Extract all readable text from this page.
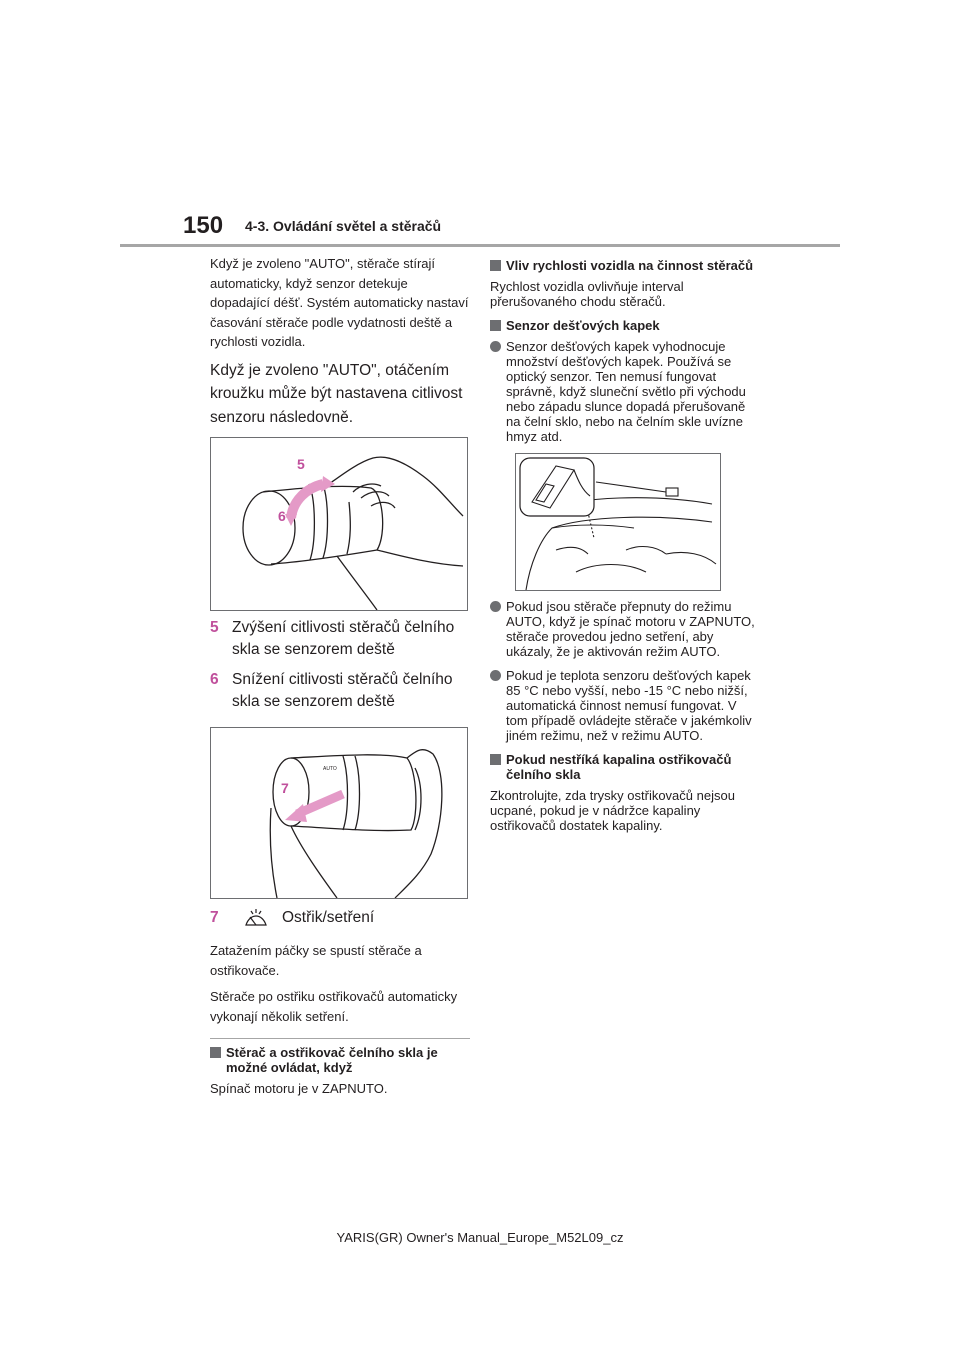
150 4-3. Ovládání světel a stěračů

Když je zvoleno "AUTO", stěrače stírají automaticky, když senzor detekuje dopadající déšť. Systém automaticky nastaví časování stěrače podle vydatnosti deště a rychlosti vozidla.

Když je zvoleno "AUTO", otáčením kroužku může být nastavena citlivost senzoru následovně.

5
6
5 Zvýšení citlivosti stěračů čelního skla se senzorem deště
6 Snížení citlivosti stěračů čelního skla se senzorem deště
7
AUTO
7	Ostřik/setření

Zatažením páčky se spustí stěrače a ostřikovače.

Stěrače po ostřiku ostřikovačů automaticky vykonají několik setření.

Stěrač a ostřikovač čelního skla je možné ovládat, když

Spínač motoru je v ZAPNUTO.

Vliv rychlosti vozidla na činnost stěračů

Rychlost vozidla ovlivňuje interval přerušovaného chodu stěračů.

Senzor dešťových kapek
Senzor dešťových kapek vyhodnocuje množství dešťových kapek. Používá se optický senzor. Ten nemusí fungovat správně, když sluneční světlo při východu nebo západu slunce dopadá přerušovaně na čelní sklo, nebo na čelním skle uvízne hmyz atd.
Pokud jsou stěrače přepnuty do režimu AUTO, když je spínač motoru v ZAPNUTO, stěrače provedou jedno setření, aby ukázaly, že je aktivován režim AUTO.
Pokud je teplota senzoru dešťových kapek 85 °C nebo vyšší, nebo -15 °C nebo nižší, automatická činnost nemusí fungovat. V tom případě ovládejte stěrače v jakémkoliv jiném režimu, než v režimu AUTO.
Pokud nestříká kapalina ostřikovačů čelního skla

Zkontrolujte, zda trysky ostřikovačů nejsou ucpané, pokud je v nádržce kapaliny ostřikovačů dostatek kapaliny.

YARIS(GR) Owner's Manual_Europe_M52L09_cz
